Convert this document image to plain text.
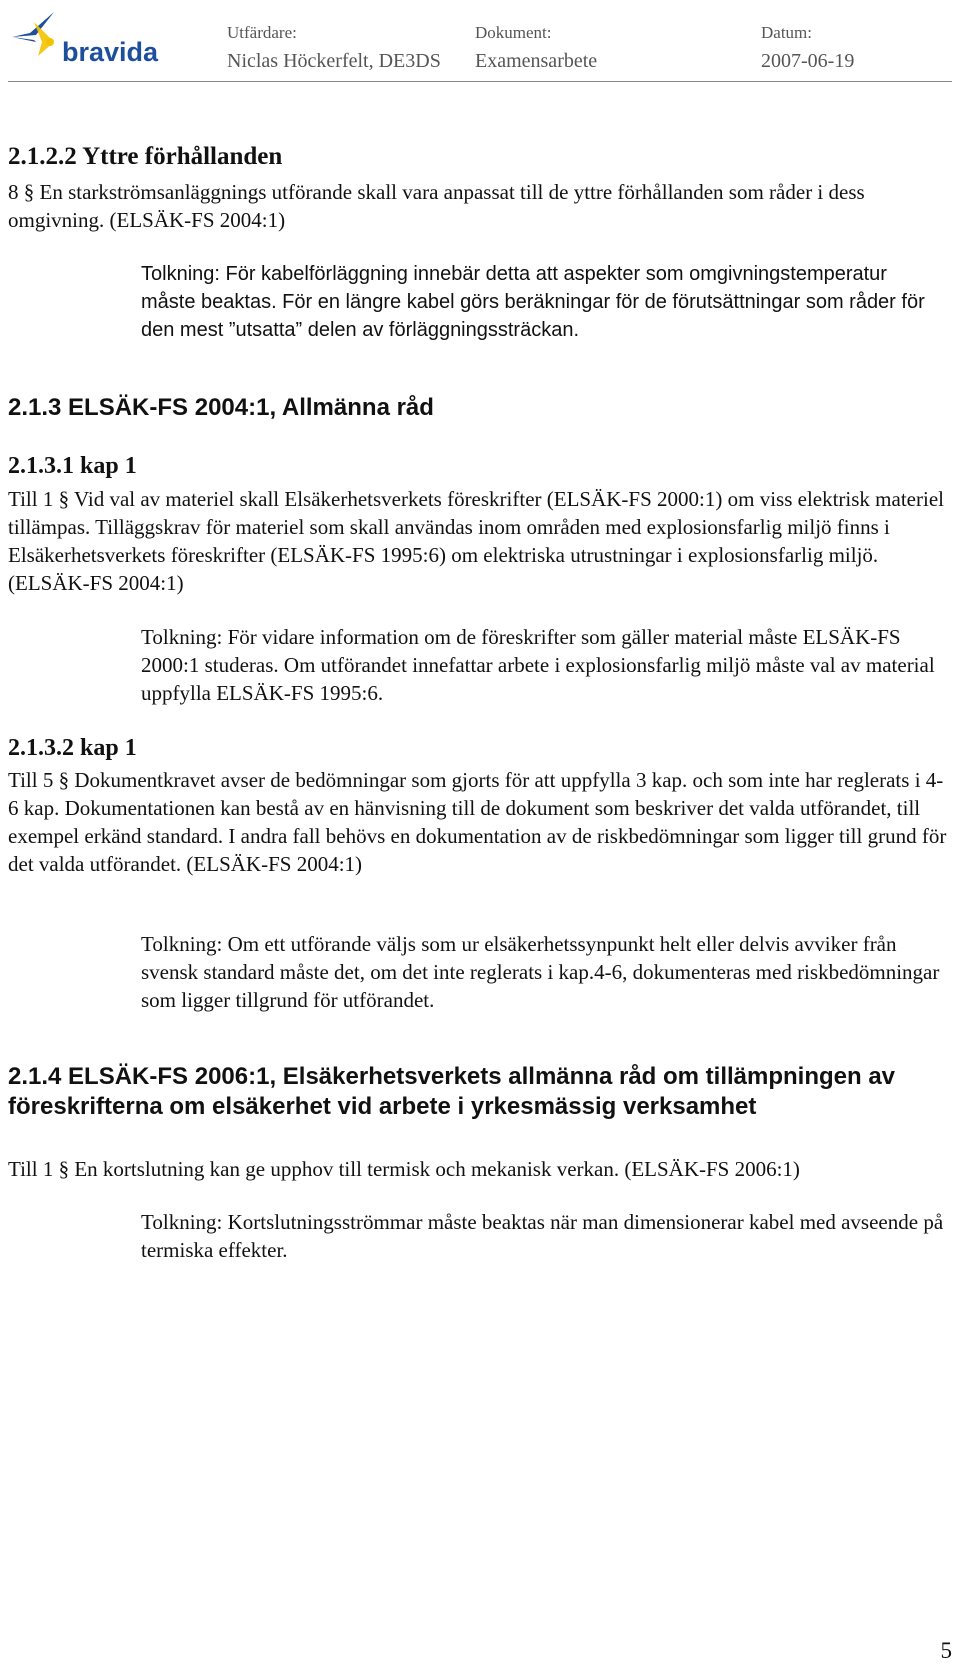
bravida
Utfärdare:
Niclas Höckerfelt, DE3DS
Dokument:
Examensarbete
Datum:
2007-06-19
2.1.2.2 Yttre förhållanden

8 § En starkströmsanläggnings utförande skall vara anpassat till de yttre förhållanden som råder i dess omgivning. (ELSÄK-FS 2004:1)

Tolkning: För kabelförläggning innebär detta att aspekter som omgivningstemperatur måste beaktas. För en längre kabel görs beräkningar för de förutsättningar som råder för den mest ”utsatta” delen av förläggningssträckan.

2.1.3 ELSÄK-FS 2004:1, Allmänna råd
2.1.3.1 kap 1

Till 1 § Vid val av materiel skall Elsäkerhetsverkets föreskrifter (ELSÄK-FS 2000:1) om viss elektrisk materiel tillämpas. Tilläggskrav för materiel som skall användas inom områden med explosionsfarlig miljö finns i Elsäkerhetsverkets föreskrifter (ELSÄK-FS 1995:6) om elektriska utrustningar i explosionsfarlig miljö. (ELSÄK-FS 2004:1)

Tolkning: För vidare information om de föreskrifter som gäller material måste ELSÄK-FS 2000:1 studeras. Om utförandet innefattar arbete i explosionsfarlig miljö måste val av material uppfylla ELSÄK-FS 1995:6.

2.1.3.2 kap 1

Till 5 § Dokumentkravet avser de bedömningar som gjorts för att uppfylla 3 kap. och som inte har reglerats i 4-6 kap. Dokumentationen kan bestå av en hänvisning till de dokument som beskriver det valda utförandet, till exempel erkänd standard. I andra fall behövs en dokumentation av de riskbedömningar som ligger till grund för det valda utförandet. (ELSÄK-FS 2004:1)

Tolkning: Om ett utförande väljs som ur elsäkerhetssynpunkt helt eller delvis avviker från svensk standard måste det, om det inte reglerats i kap.4-6, dokumenteras med riskbedömningar som ligger tillgrund för utförandet.

2.1.4 ELSÄK-FS 2006:1, Elsäkerhetsverkets allmänna råd om tillämpningen av föreskrifterna om elsäkerhet vid arbete i yrkesmässig verksamhet

Till 1 § En kortslutning kan ge upphov till termisk och mekanisk verkan. (ELSÄK-FS 2006:1)

Tolkning: Kortslutningsströmmar måste beaktas när man dimensionerar kabel med avseende på termiska effekter.

5
